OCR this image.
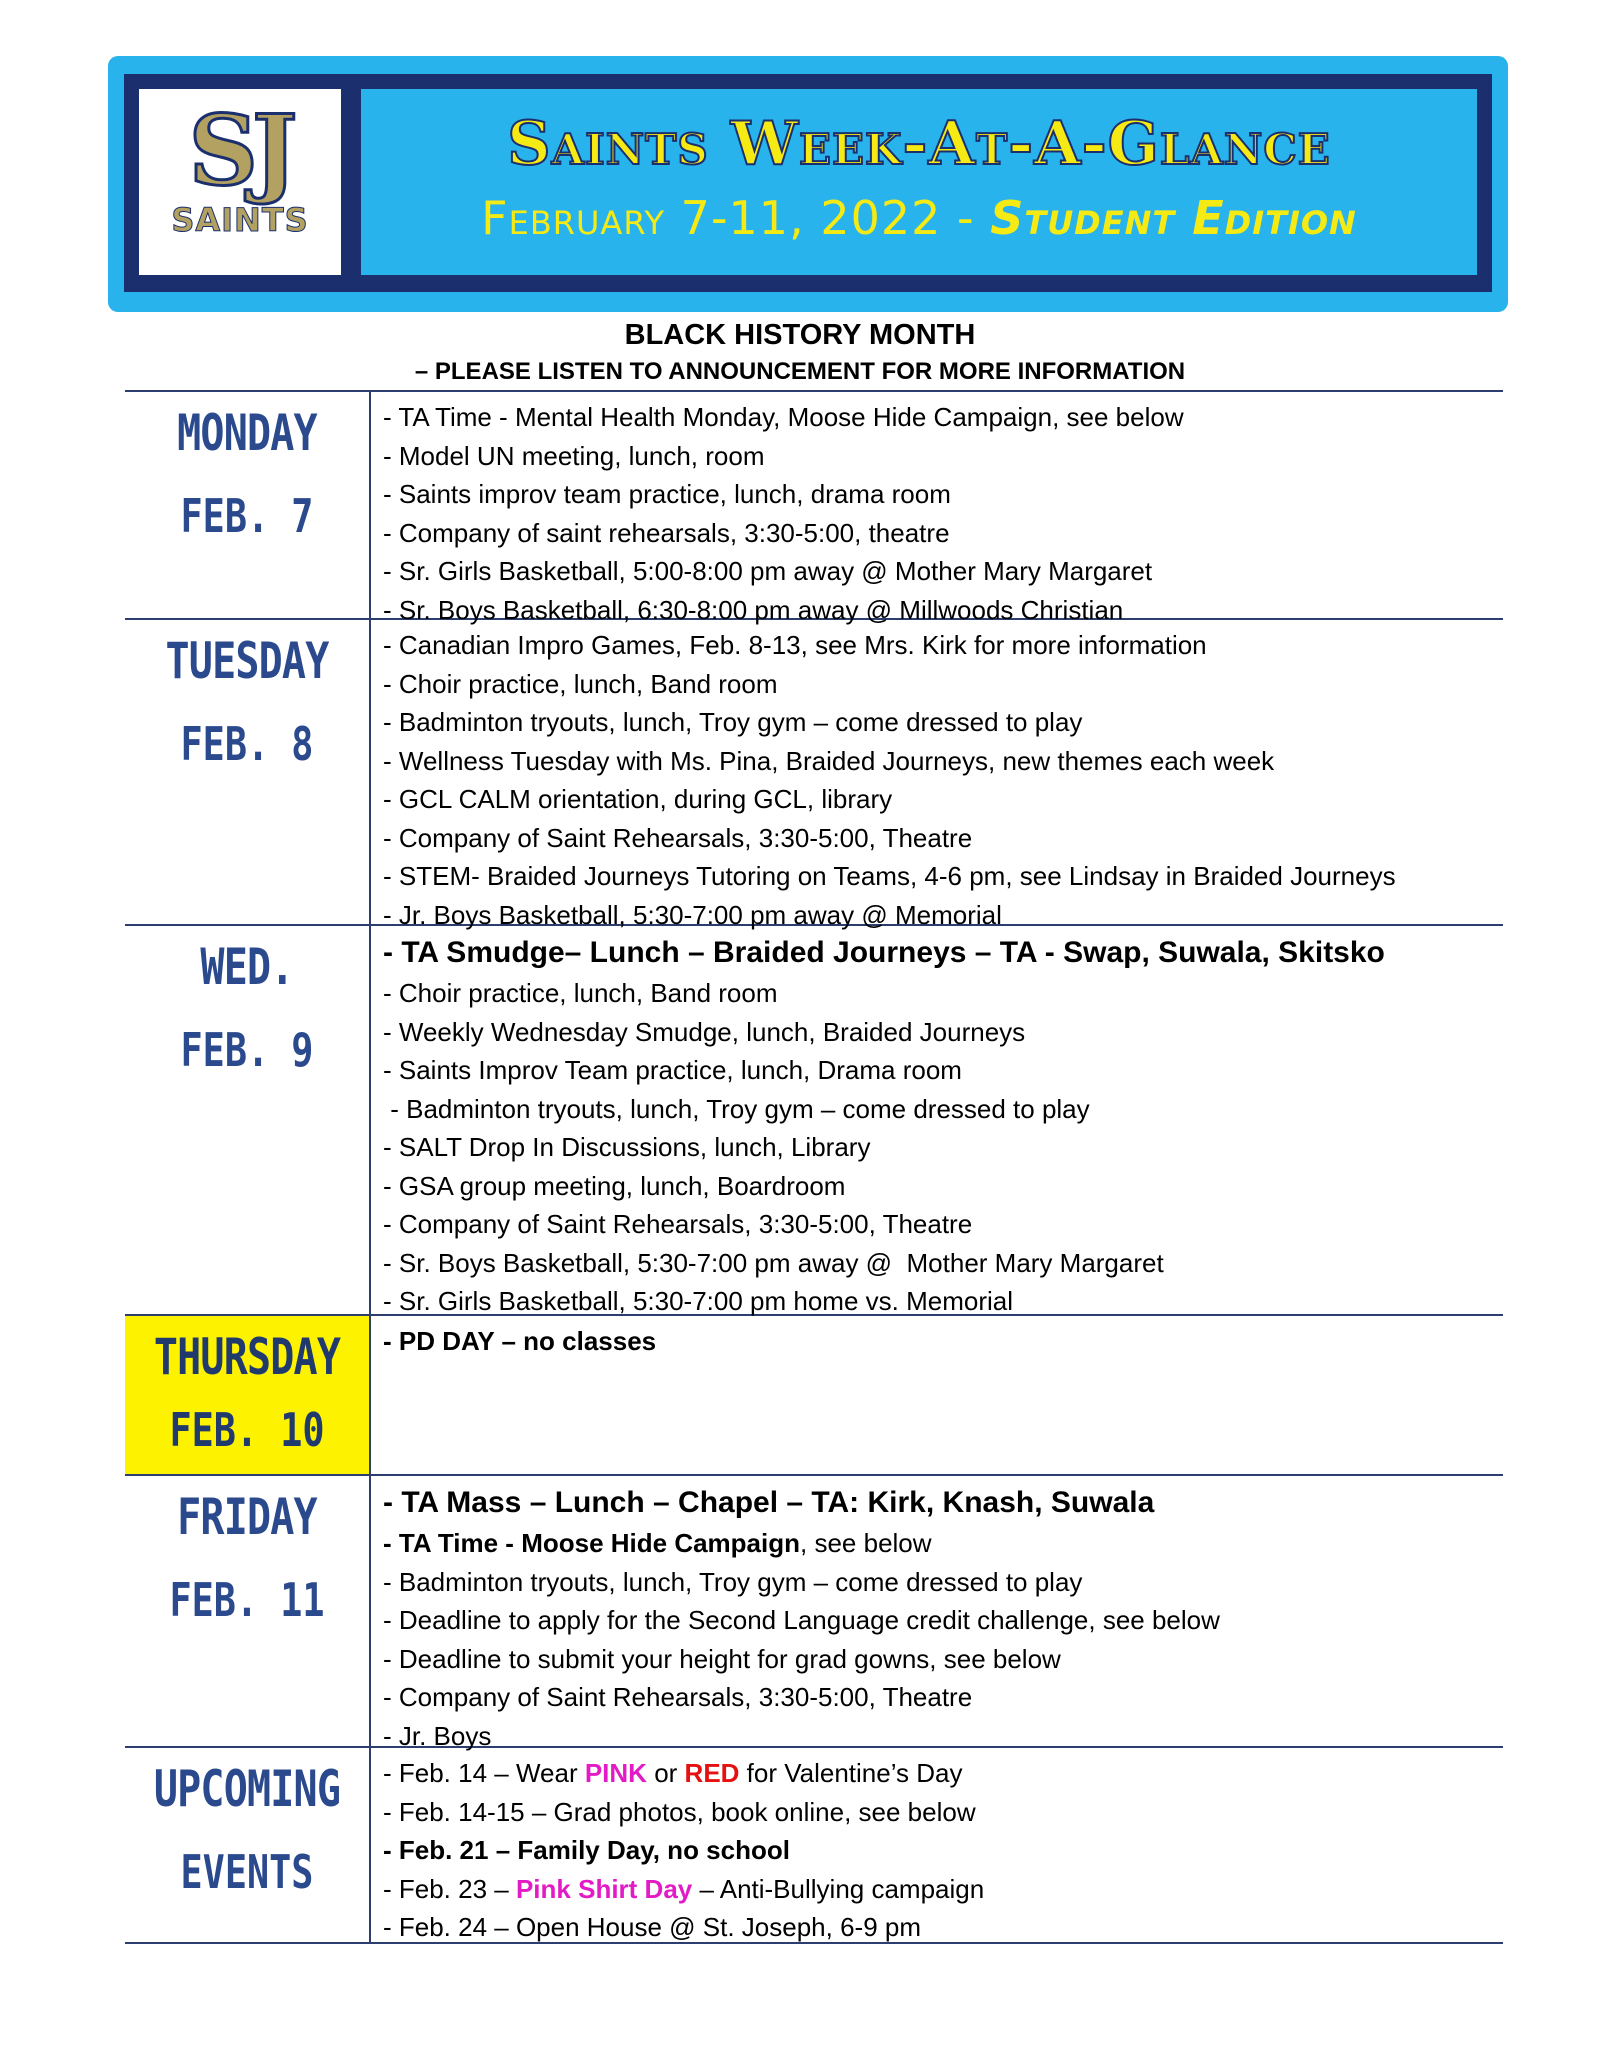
SJ
SAINTS
Saints Week-At-A-Glance
February 7-11, 2022 - Student Edition
BLACK HISTORY MONTH
– PLEASE LISTEN TO ANNOUNCEMENT FOR MORE INFORMATION
MONDAY
FEB. 7
- TA Time - Mental Health Monday, Moose Hide Campaign, see below
- Model UN meeting, lunch, room
- Saints improv team practice, lunch, drama room
- Company of saint rehearsals, 3:30-5:00, theatre
- Sr. Girls Basketball, 5:00-8:00 pm away @ Mother Mary Margaret
- Sr. Boys Basketball, 6:30-8:00 pm away @ Millwoods Christian
TUESDAY
FEB. 8
- Canadian Impro Games, Feb. 8-13, see Mrs. Kirk for more information
- Choir practice, lunch, Band room
- Badminton tryouts, lunch, Troy gym – come dressed to play
- Wellness Tuesday with Ms. Pina, Braided Journeys, new themes each week
- GCL CALM orientation, during GCL, library
- Company of Saint Rehearsals, 3:30-5:00, Theatre
- STEM- Braided Journeys Tutoring on Teams, 4-6 pm, see Lindsay in Braided Journeys
- Jr. Boys Basketball, 5:30-7:00 pm away @ Memorial
WED.
FEB. 9
- TA Smudge– Lunch – Braided Journeys – TA - Swap, Suwala, Skitsko
- Choir practice, lunch, Band room
- Weekly Wednesday Smudge, lunch, Braided Journeys
- Saints Improv Team practice, lunch, Drama room
- Badminton tryouts, lunch, Troy gym – come dressed to play
- SALT Drop In Discussions, lunch, Library
- GSA group meeting, lunch, Boardroom
- Company of Saint Rehearsals, 3:30-5:00, Theatre
- Sr. Boys Basketball, 5:30-7:00 pm away @  Mother Mary Margaret
- Sr. Girls Basketball, 5:30-7:00 pm home vs. Memorial
THURSDAY
FEB. 10
- PD DAY – no classes
FRIDAY
FEB. 11
- TA Mass – Lunch – Chapel – TA: Kirk, Knash, Suwala
- TA Time - Moose Hide Campaign, see below
- Badminton tryouts, lunch, Troy gym – come dressed to play
- Deadline to apply for the Second Language credit challenge, see below
- Deadline to submit your height for grad gowns, see below
- Company of Saint Rehearsals, 3:30-5:00, Theatre
- Jr. Boys
UPCOMING
EVENTS
- Feb. 14 – Wear PINK or RED for Valentine’s Day
- Feb. 14-15 – Grad photos, book online, see below
- Feb. 21 – Family Day, no school
- Feb. 23 – Pink Shirt Day – Anti-Bullying campaign
- Feb. 24 – Open House @ St. Joseph, 6-9 pm
